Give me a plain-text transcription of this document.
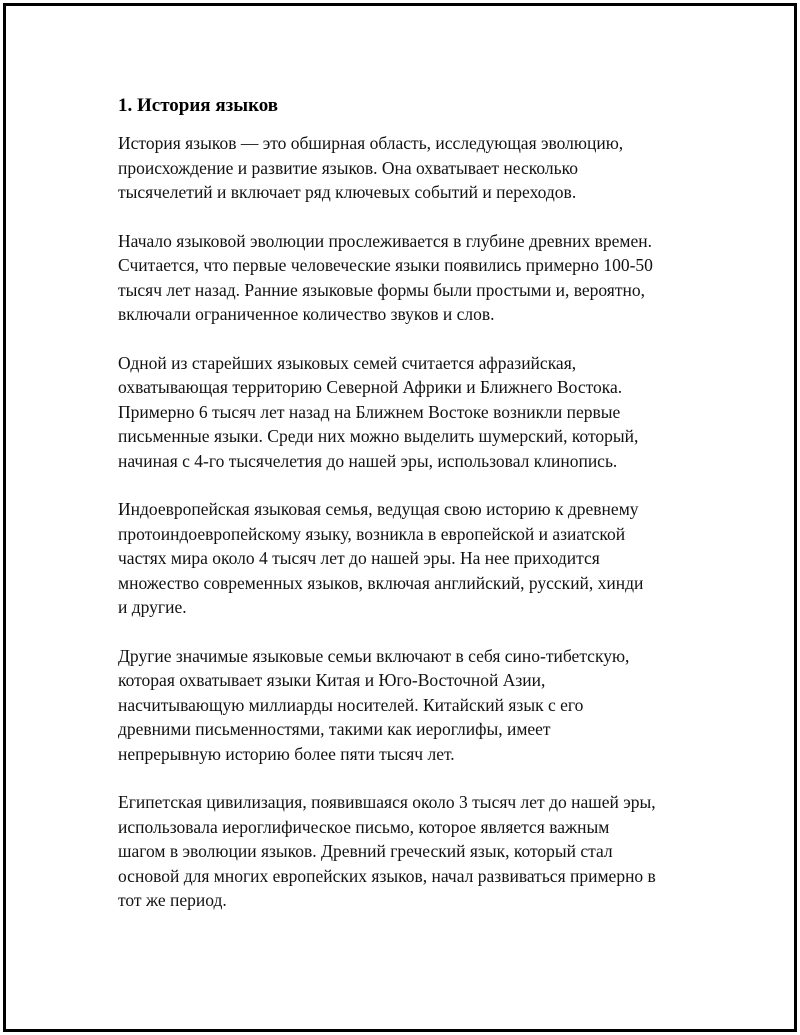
1. История языков

История языков — это обширная область, исследующая эволюцию,
происхождение и развитие языков. Она охватывает несколько
тысячелетий и включает ряд ключевых событий и переходов.

Начало языковой эволюции прослеживается в глубине древних времен.
Считается, что первые человеческие языки появились примерно 100-50
тысяч лет назад. Ранние языковые формы были простыми и, вероятно,
включали ограниченное количество звуков и слов.

Одной из старейших языковых семей считается афразийская,
охватывающая территорию Северной Африки и Ближнего Востока.
Примерно 6 тысяч лет назад на Ближнем Востоке возникли первые
письменные языки. Среди них можно выделить шумерский, который,
начиная с 4-го тысячелетия до нашей эры, использовал клинопись.

Индоевропейская языковая семья, ведущая свою историю к древнему
протоиндоевропейскому языку, возникла в европейской и азиатской
частях мира около 4 тысяч лет до нашей эры. На нее приходится
множество современных языков, включая английский, русский, хинди
и другие.

Другие значимые языковые семьи включают в себя сино-тибетскую,
которая охватывает языки Китая и Юго-Восточной Азии,
насчитывающую миллиарды носителей. Китайский язык с его
древними письменностями, такими как иероглифы, имеет
непрерывную историю более пяти тысяч лет.

Египетская цивилизация, появившаяся около 3 тысяч лет до нашей эры,
использовала иероглифическое письмо, которое является важным
шагом в эволюции языков. Древний греческий язык, который стал
основой для многих европейских языков, начал развиваться примерно в
тот же период.
